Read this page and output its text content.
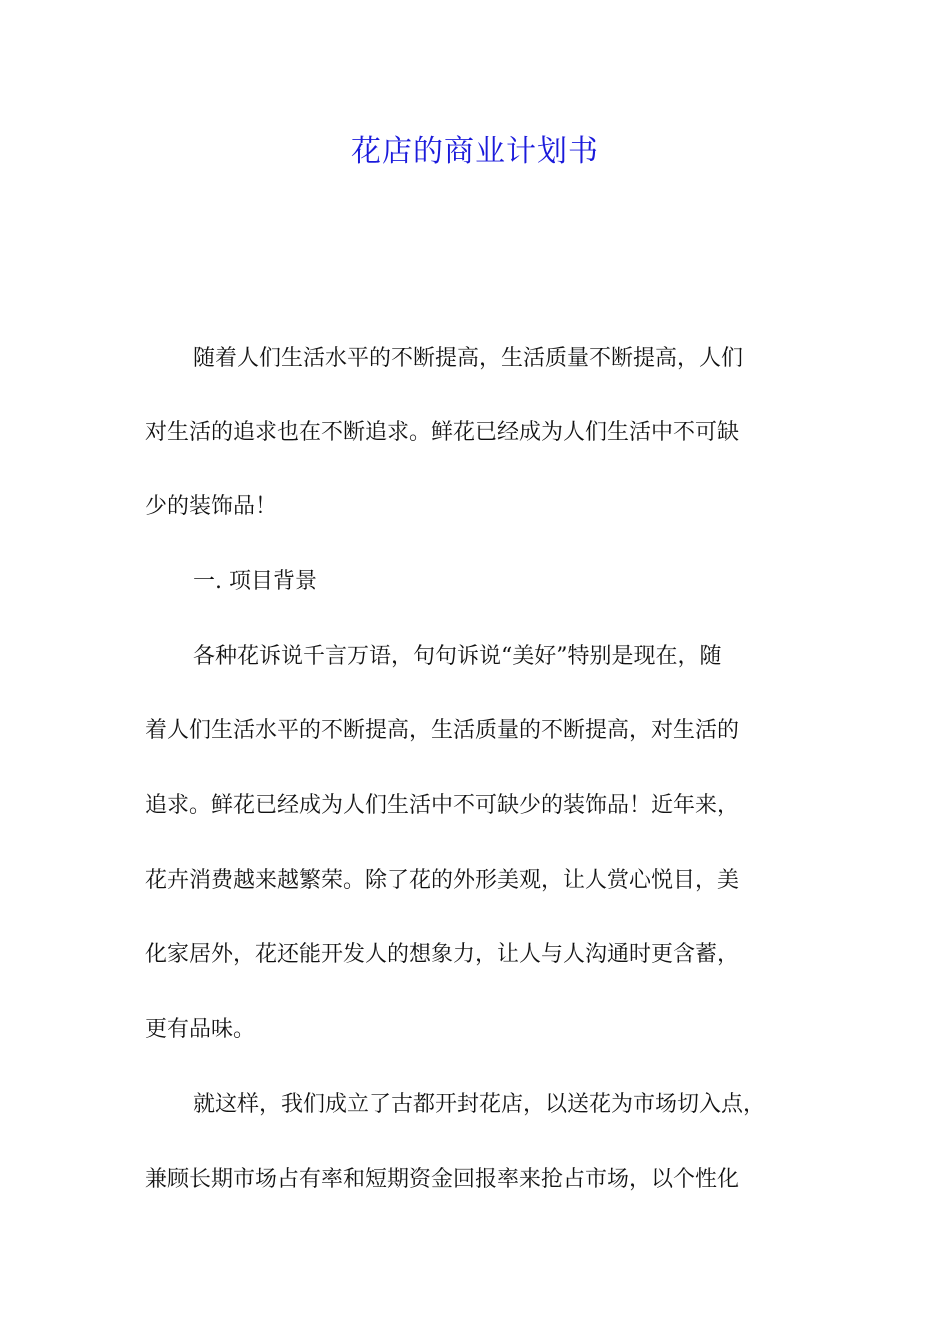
花店的商业计划书
随着人们生活水平的不断提高，生活质量不断提高，人们
对生活的追求也在不断追求。鲜花已经成为人们生活中不可缺
少的装饰品！
一. 项目背景
各种花诉说千言万语，句句诉说“美好”特别是现在，随
着人们生活水平的不断提高，生活质量的不断提高，对生活的
追求。鲜花已经成为人们生活中不可缺少的装饰品！近年来，
花卉消费越来越繁荣。除了花的外形美观，让人赏心悦目，美
化家居外，花还能开发人的想象力，让人与人沟通时更含蓄，
更有品味。
就这样，我们成立了古都开封花店，以送花为市场切入点，
兼顾长期市场占有率和短期资金回报率来抢占市场，以个性化
